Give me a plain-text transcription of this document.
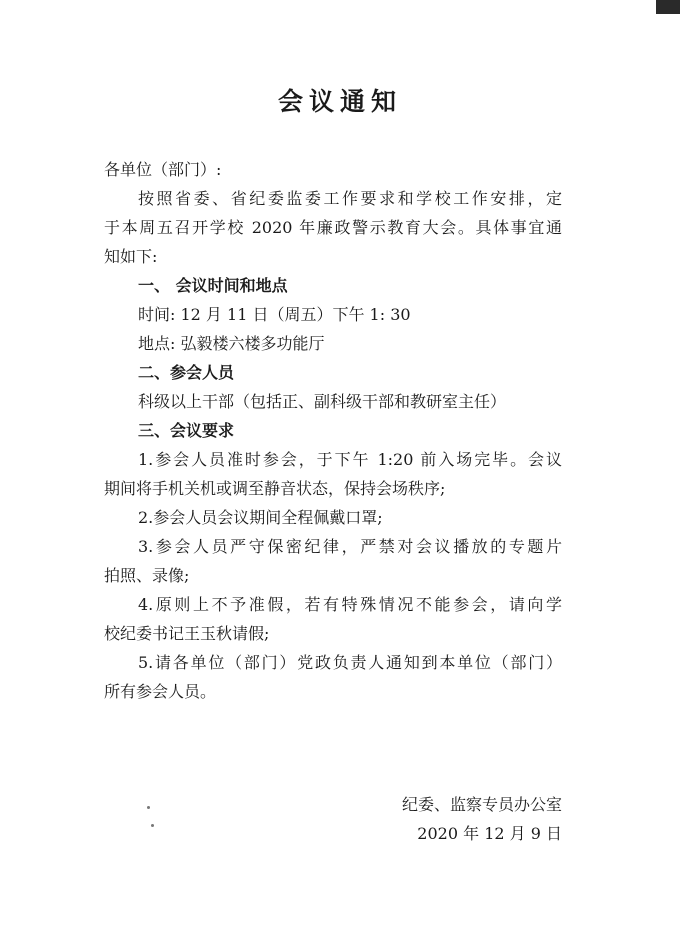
会议通知
各单位（部门）:
按照省委、省纪委监委工作要求和学校工作安排，定
于本周五召开学校 2020 年廉政警示教育大会。具体事宜通
知如下:
一、 会议时间和地点
时间: 12 月 11 日（周五）下午 1: 30
地点: 弘毅楼六楼多功能厅
二、参会人员
科级以上干部（包括正、副科级干部和教研室主任）
三、会议要求
1.参会人员准时参会，于下午 1:20 前入场完毕。会议
期间将手机关机或调至静音状态，保持会场秩序;
2.参会人员会议期间全程佩戴口罩;
3.参会人员严守保密纪律，严禁对会议播放的专题片
拍照、录像;
4.原则上不予准假，若有特殊情况不能参会，请向学
校纪委书记王玉秋请假;
5.请各单位（部门）党政负责人通知到本单位（部门）
所有参会人员。
纪委、监察专员办公室
2020 年 12 月 9 日
